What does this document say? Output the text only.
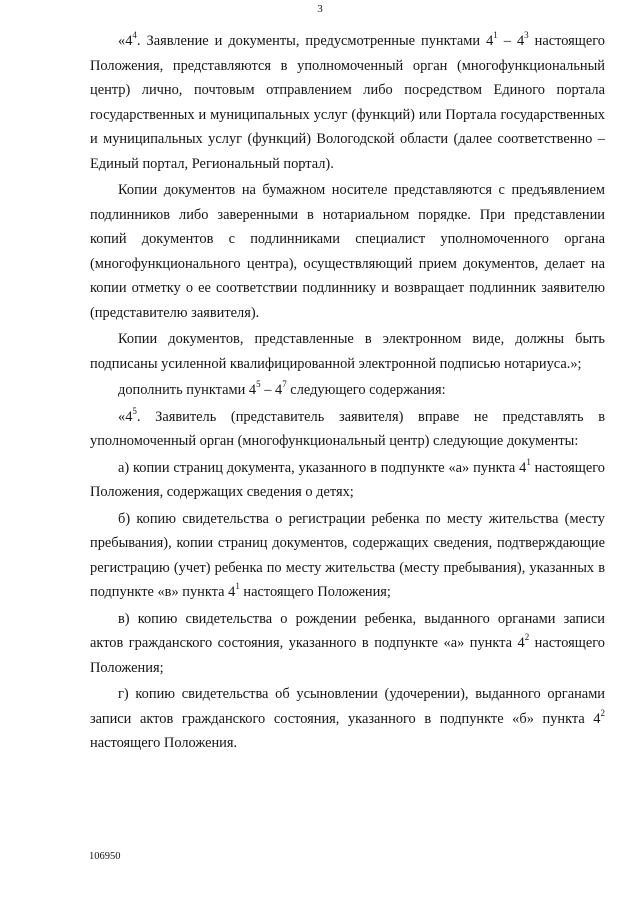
3

«$4^4$. Заявление и документы, предусмотренные пунктами $4^1 - 4^3$ настоящего Положения, представляются в уполномоченный орган (многофункциональный центр) лично, почтовым отправлением либо посредством Единого портала государственных и муниципальных услуг (функций) или Портала государственных и муниципальных услуг (функций) Вологодской области (далее соответственно – Единый портал, Региональный портал).

Копии документов на бумажном носителе представляются с предъявлением подлинников либо заверенными в нотариальном порядке. При представлении копий документов с подлинниками специалист уполномоченного органа (многофункционального центра), осуществляющий прием документов, делает на копии отметку о ее соответствии подлиннику и возвращает подлинник заявителю (представителю заявителя).

Копии документов, представленные в электронном виде, должны быть подписаны усиленной квалифицированной электронной подписью нотариуса.»;

дополнить пунктами $4^5 - 4^7$ следующего содержания:

«$4^5$. Заявитель (представитель заявителя) вправе не представлять в уполномоченный орган (многофункциональный центр) следующие документы:

а) копии страниц документа, указанного в подпункте «а» пункта $4^1$ настоящего Положения, содержащих сведения о детях;

б) копию свидетельства о регистрации ребенка по месту жительства (месту пребывания), копии страниц документов, содержащих сведения, подтверждающие регистрацию (учет) ребенка по месту жительства (месту пребывания), указанных в подпункте «в» пункта $4^1$ настоящего Положения;

в) копию свидетельства о рождении ребенка, выданного органами записи актов гражданского состояния, указанного в подпункте «а» пункта $4^2$ настоящего Положения;

г) копию свидетельства об усыновлении (удочерении), выданного органами записи актов гражданского состояния, указанного в подпункте «б» пункта $4^2$ настоящего Положения.

106950
